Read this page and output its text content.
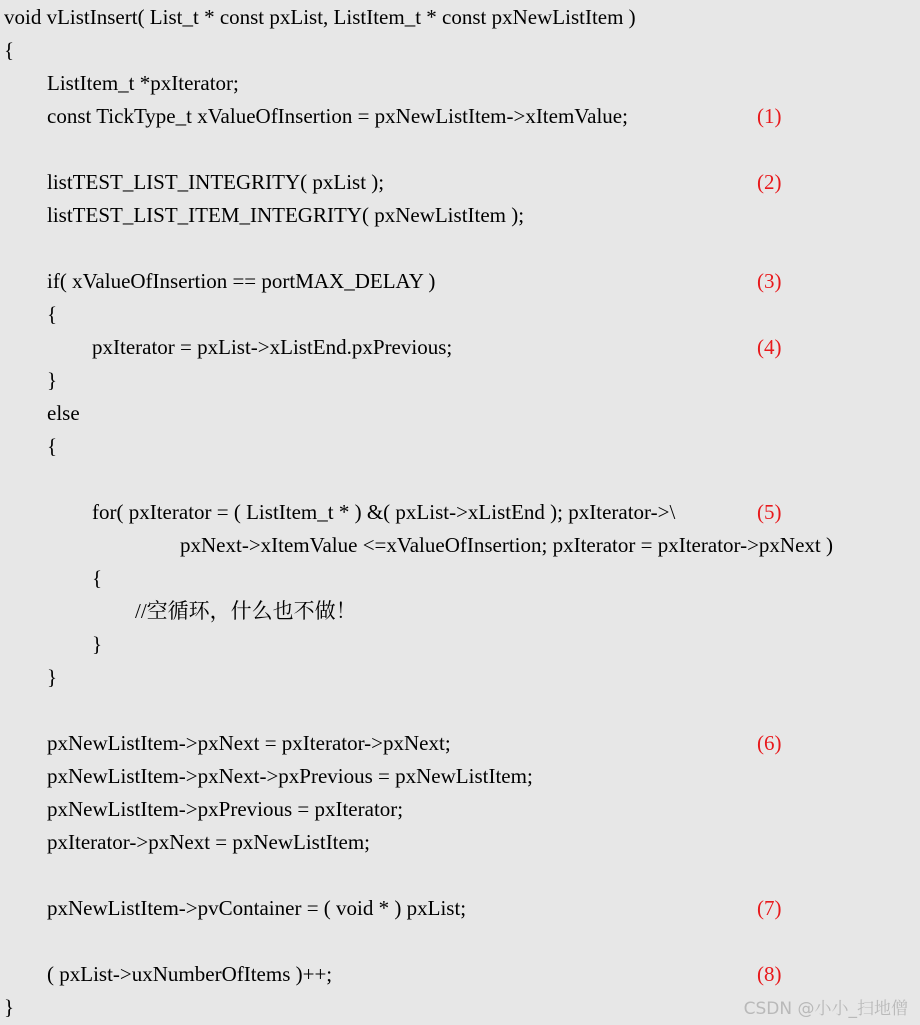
void vListInsert( List_t * const pxList, ListItem_t * const pxNewListItem )
{
ListItem_t *pxIterator;
const TickType_t xValueOfInsertion = pxNewListItem->xItemValue;	(1)
listTEST_LIST_INTEGRITY( pxList );	(2)
listTEST_LIST_ITEM_INTEGRITY( pxNewListItem );
if( xValueOfInsertion == portMAX_DELAY )	(3)
{
pxIterator = pxList->xListEnd.pxPrevious;	(4)
}
else
{
for( pxIterator = ( ListItem_t * ) &( pxList->xListEnd ); pxIterator->\	(5)
pxNext->xItemValue <=xValueOfInsertion; pxIterator = pxIterator->pxNext )
{
//空循环，什么也不做！
}
}
pxNewListItem->pxNext = pxIterator->pxNext;	(6)
pxNewListItem->pxNext->pxPrevious = pxNewListItem;
pxNewListItem->pxPrevious = pxIterator;
pxIterator->pxNext = pxNewListItem;
pxNewListItem->pvContainer = ( void * ) pxList;	(7)
( pxList->uxNumberOfItems )++;	(8)
}	CSDN @小小_扫地僧
